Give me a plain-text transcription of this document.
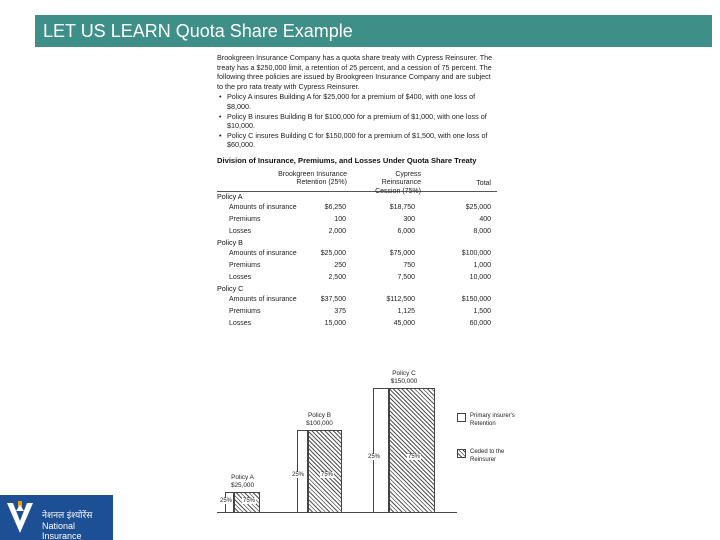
LET US LEARN Quota Share Example

Brookgreen Insurance Company has a quota share treaty with Cypress Reinsurer. The treaty has a $250,000 limit, a retention of 25 percent, and a cession of 75 percent. The following three policies are issued by Brookgreen Insurance Company and are subject to the pro rata treaty with Cypress Reinsurer.

• Policy A insures Building A for $25,000 for a premium of $400, with one loss of $8,000.
• Policy B insures Building B for $100,000 for a premium of $1,000, with one loss of $10,000.
• Policy C insures Building C for $150,000 for a premium of $1,500, with one loss of $60,000.
Division of Insurance, Premiums, and Losses Under Quota Share Treaty
Brookgreen Insurance Retention (25%)
Cypress Reinsurance Cession (75%)
Total
Policy A
Amounts of insurance	$6,250	$18,750	$25,000
Premiums	100	300	400
Losses	2,000	6,000	8,000
Policy B
Amounts of insurance	$25,000	$75,000	$100,000
Premiums	250	750	1,000
Losses	2,500	7,500	10,000
Policy C
Amounts of insurance	$37,500	$112,500	$150,000
Premiums	375	1,125	1,500
Losses	15,000	45,000	60,000
25% 75%
Policy A
$25,000
25%	75%
Policy B
$100,000
25%	75%
Policy C
$150,000
Primary insurer's Retention
Ceded to the Reinsurer
नेशनल इंश्योरेंस
National Insurance
